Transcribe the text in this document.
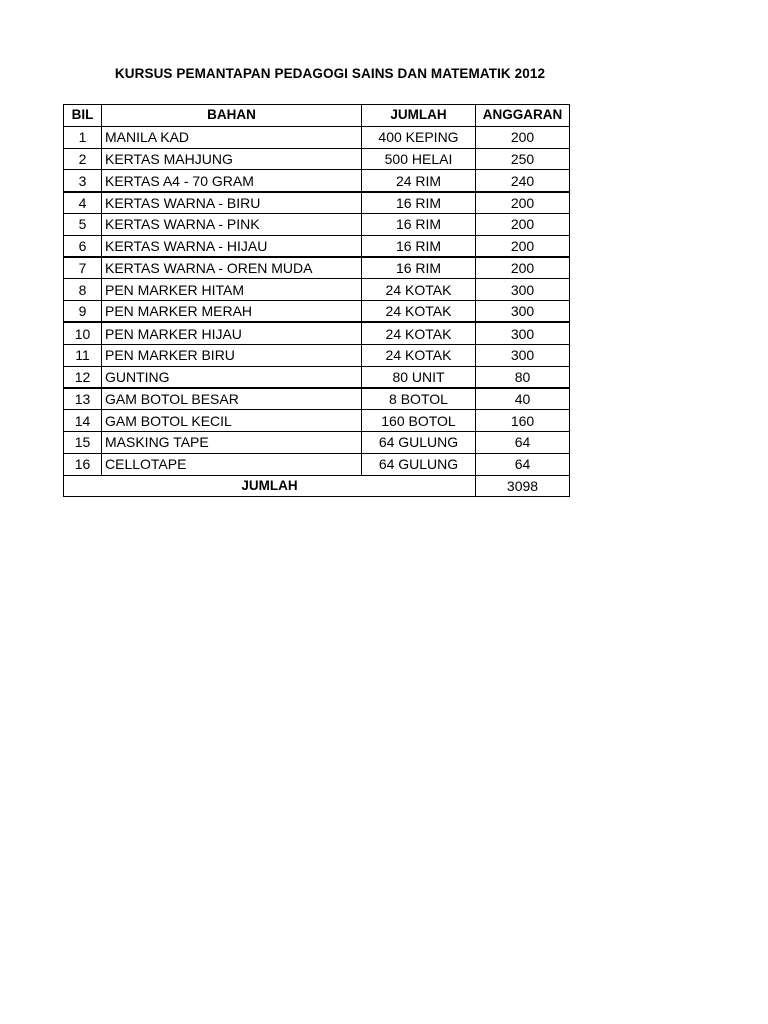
KURSUS PEMANTAPAN PEDAGOGI SAINS DAN MATEMATIK 2012
BIL	BAHAN	JUMLAH	ANGGARAN
1	MANILA KAD	400 KEPING	200
2	KERTAS MAHJUNG	500 HELAI	250
3	KERTAS A4 - 70 GRAM	24 RIM	240
4	KERTAS WARNA - BIRU	16 RIM	200
5	KERTAS WARNA - PINK	16 RIM	200
6	KERTAS WARNA - HIJAU	16 RIM	200
7	KERTAS WARNA - OREN MUDA	16 RIM	200
8	PEN MARKER HITAM	24 KOTAK	300
9	PEN MARKER MERAH	24 KOTAK	300
10	PEN MARKER HIJAU	24 KOTAK	300
11	PEN MARKER BIRU	24 KOTAK	300
12	GUNTING	80 UNIT	80
13	GAM BOTOL BESAR	8 BOTOL	40
14	GAM BOTOL KECIL	160 BOTOL	160
15	MASKING TAPE	64 GULUNG	64
16	CELLOTAPE	64 GULUNG	64
JUMLAH			3098
